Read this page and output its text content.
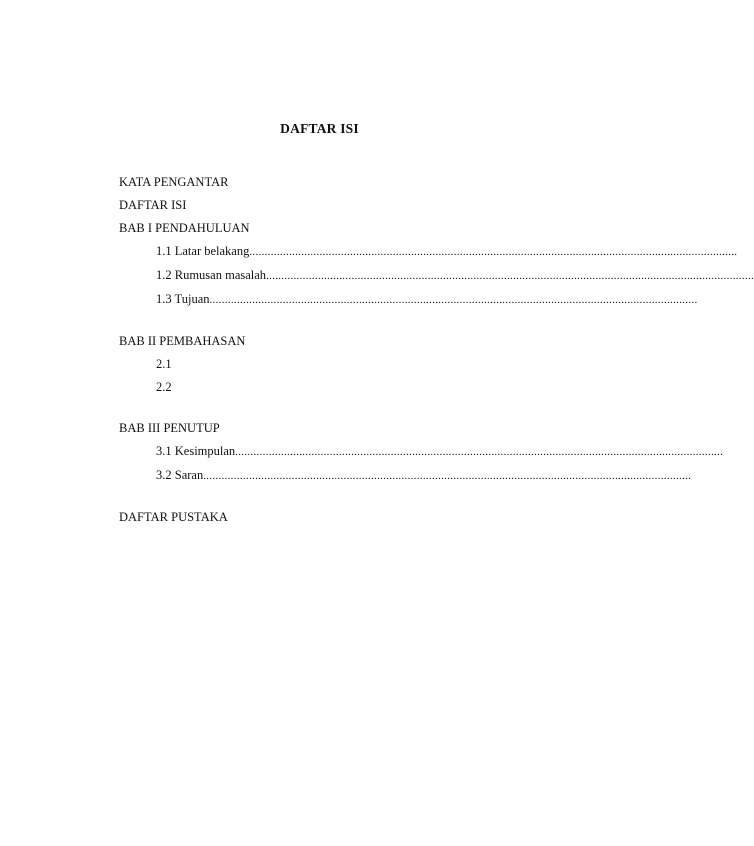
DAFTAR ISI
KATA PENGANTAR
DAFTAR ISI
BAB I PENDAHULUAN
1.1 Latar belakang ................................................................................................................................................................
1.2 Rumusan masalah ................................................................................................................................................................
1.3 Tujuan ................................................................................................................................................................
BAB II PEMBAHASAN
2.1
2.2
BAB III PENUTUP
3.1 Kesimpulan ................................................................................................................................................................
3.2 Saran ................................................................................................................................................................
DAFTAR PUSTAKA
